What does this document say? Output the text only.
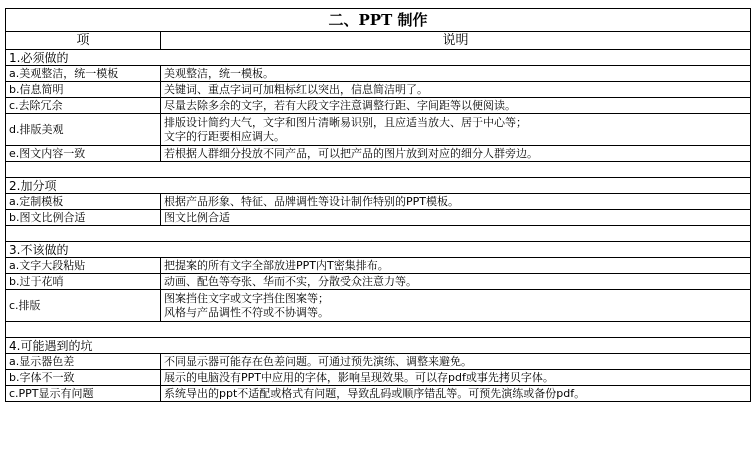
二、PPT 制作	
项	说明
1.必须做的	
a.美观整洁，统一模板	美观整洁，统一模板。
b.信息简明	关键词、重点字词可加粗标红以突出，信息简洁明了。
c.去除冗余	尽量去除多余的文字，若有大段文字注意调整行距、字间距等以便阅读。
d.排版美观	排版设计简约大气，文字和图片清晰易识别，且应适当放大、居于中心等；
文字的行距要相应调大。

e.图文内容一致	若根据人群细分投放不同产品，可以把产品的图片放到对应的细分人群旁边。

2.加分项	
a.定制模板	根据产品形象、特征、品牌调性等设计制作特别的PPT模板。
b.图文比例合适	图文比例合适

3.不该做的	
a.文字大段粘贴	把提案的所有文字全部放进PPT内T密集排布。
b.过于花哨	动画、配色等夸张、华而不实，分散受众注意力等。
c.排版	图案挡住文字或文字挡住图案等；
风格与产品调性不符或不协调等。

4.可能遇到的坑	
a.显示器色差	不同显示器可能存在色差问题。可通过预先演练、调整来避免。
b.字体不一致	展示的电脑没有PPT中应用的字体，影响呈现效果。可以存pdf或事先拷贝字体。
c.PPT显示有问题	系统导出的ppt不适配或格式有问题，导致乱码或顺序错乱等。可预先演练或备份pdf。
